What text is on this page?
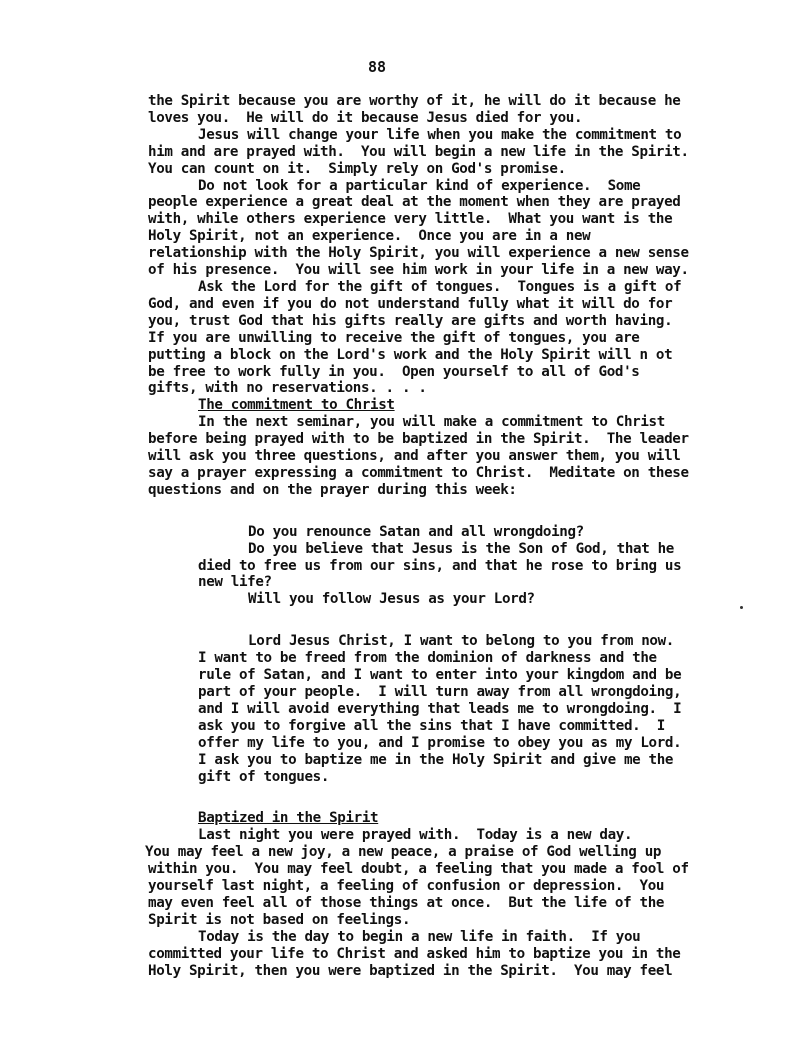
88
the Spirit because you are worthy of it, he will do it because he
loves you.  He will do it because Jesus died for you.
Jesus will change your life when you make the commitment to
him and are prayed with.  You will begin a new life in the Spirit.
You can count on it.  Simply rely on God's promise.
Do not look for a particular kind of experience.  Some
people experience a great deal at the moment when they are prayed
with, while others experience very little.  What you want is the
Holy Spirit, not an experience.  Once you are in a new
relationship with the Holy Spirit, you will experience a new sense
of his presence.  You will see him work in your life in a new way.
Ask the Lord for the gift of tongues.  Tongues is a gift of
God, and even if you do not understand fully what it will do for
you, trust God that his gifts really are gifts and worth having.
If you are unwilling to receive the gift of tongues, you are
putting a block on the Lord's work and the Holy Spirit will n ot
be free to work fully in you.  Open yourself to all of God's
gifts, with no reservations. . . .
The commitment to Christ
In the next seminar, you will make a commitment to Christ
before being prayed with to be baptized in the Spirit.  The leader
will ask you three questions, and after you answer them, you will
say a prayer expressing a commitment to Christ.  Meditate on these
questions and on the prayer during this week:
Do you renounce Satan and all wrongdoing?
Do you believe that Jesus is the Son of God, that he
died to free us from our sins, and that he rose to bring us
new life?
Will you follow Jesus as your Lord?
Lord Jesus Christ, I want to belong to you from now.
I want to be freed from the dominion of darkness and the
rule of Satan, and I want to enter into your kingdom and be
part of your people.  I will turn away from all wrongdoing,
and I will avoid everything that leads me to wrongdoing.  I
ask you to forgive all the sins that I have committed.  I
offer my life to you, and I promise to obey you as my Lord.
I ask you to baptize me in the Holy Spirit and give me the
gift of tongues.
Baptized in the Spirit
Last night you were prayed with.  Today is a new day.
You may feel a new joy, a new peace, a praise of God welling up
within you.  You may feel doubt, a feeling that you made a fool of
yourself last night, a feeling of confusion or depression.  You
may even feel all of those things at once.  But the life of the
Spirit is not based on feelings.
Today is the day to begin a new life in faith.  If you
committed your life to Christ and asked him to baptize you in the
Holy Spirit, then you were baptized in the Spirit.  You may feel
